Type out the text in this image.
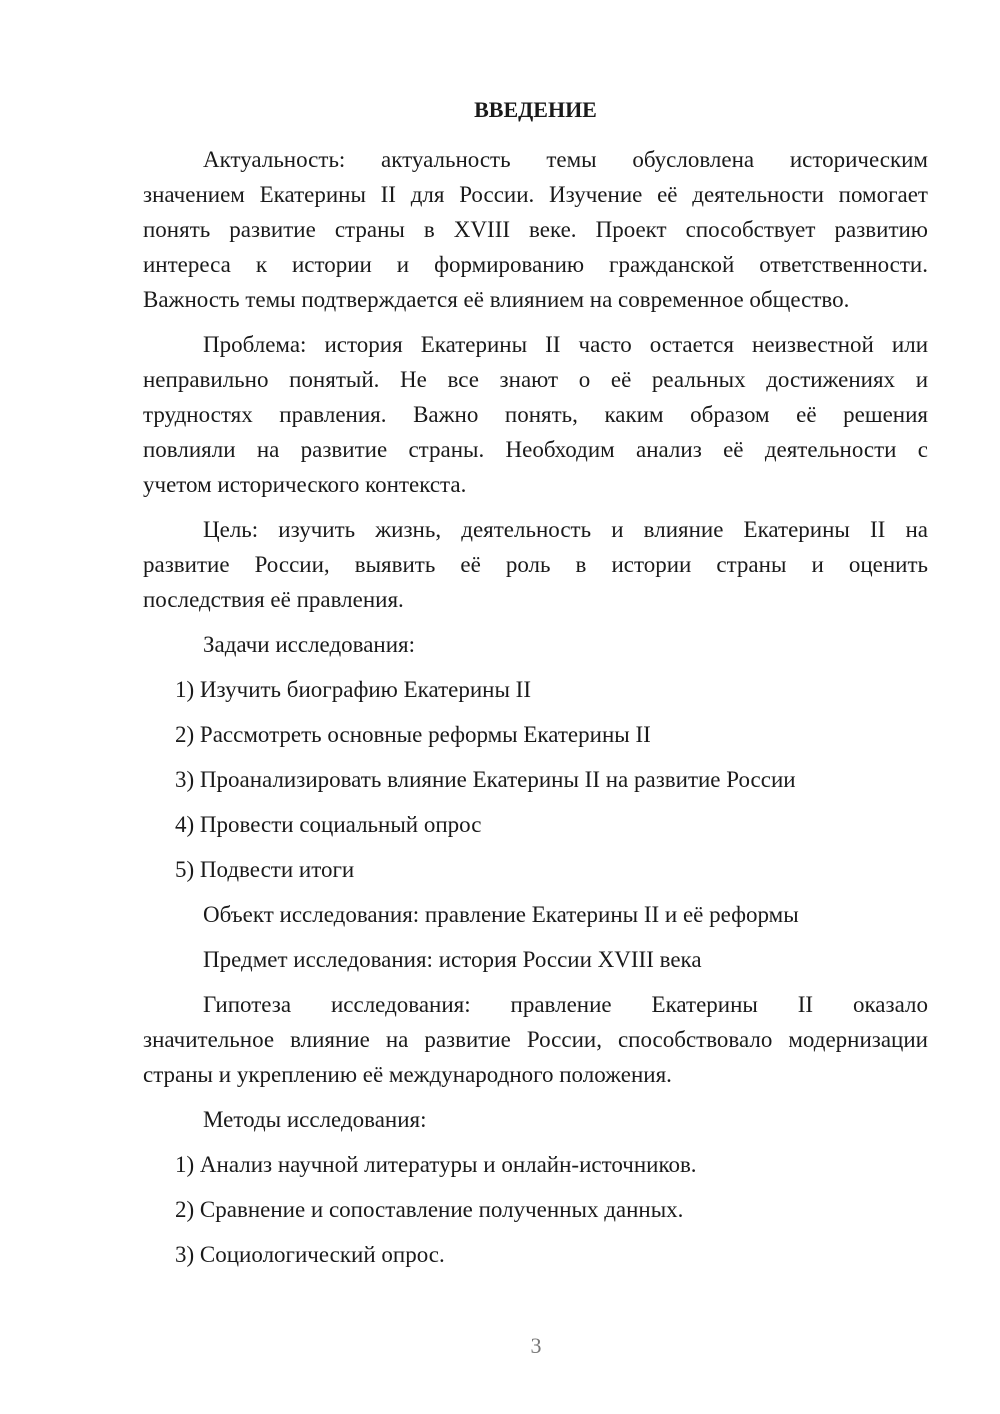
ВВЕДЕНИЕ
Актуальность: актуальность темы обусловлена историческим
значением Екатерины II для России. Изучение её деятельности помогает
понять развитие страны в XVIII веке. Проект способствует развитию
интереса к истории и формированию гражданской ответственности.
Важность темы подтверждается её влиянием на современное общество.
Проблема: история Екатерины II часто остается неизвестной или
неправильно понятый. Не все знают о её реальных достижениях и
трудностях правления. Важно понять, каким образом её решения
повлияли на развитие страны. Необходим анализ её деятельности с
учетом исторического контекста.
Цель: изучить жизнь, деятельность и влияние Екатерины II на
развитие России, выявить её роль в истории страны и оценить
последствия её правления.
Задачи исследования:
1) Изучить биографию Екатерины II
2) Рассмотреть основные реформы Екатерины II
3) Проанализировать влияние Екатерины II на развитие России
4) Провести социальный опрос
5) Подвести итоги
Объект исследования: правление Екатерины II и её реформы
Предмет исследования: история России XVIII века
Гипотеза исследования: правление Екатерины II оказало
значительное влияние на развитие России, способствовало модернизации
страны и укреплению её международного положения.
Методы исследования:
1) Анализ научной литературы и онлайн-источников.
2) Сравнение и сопоставление полученных данных.
3) Социологический опрос.
3
